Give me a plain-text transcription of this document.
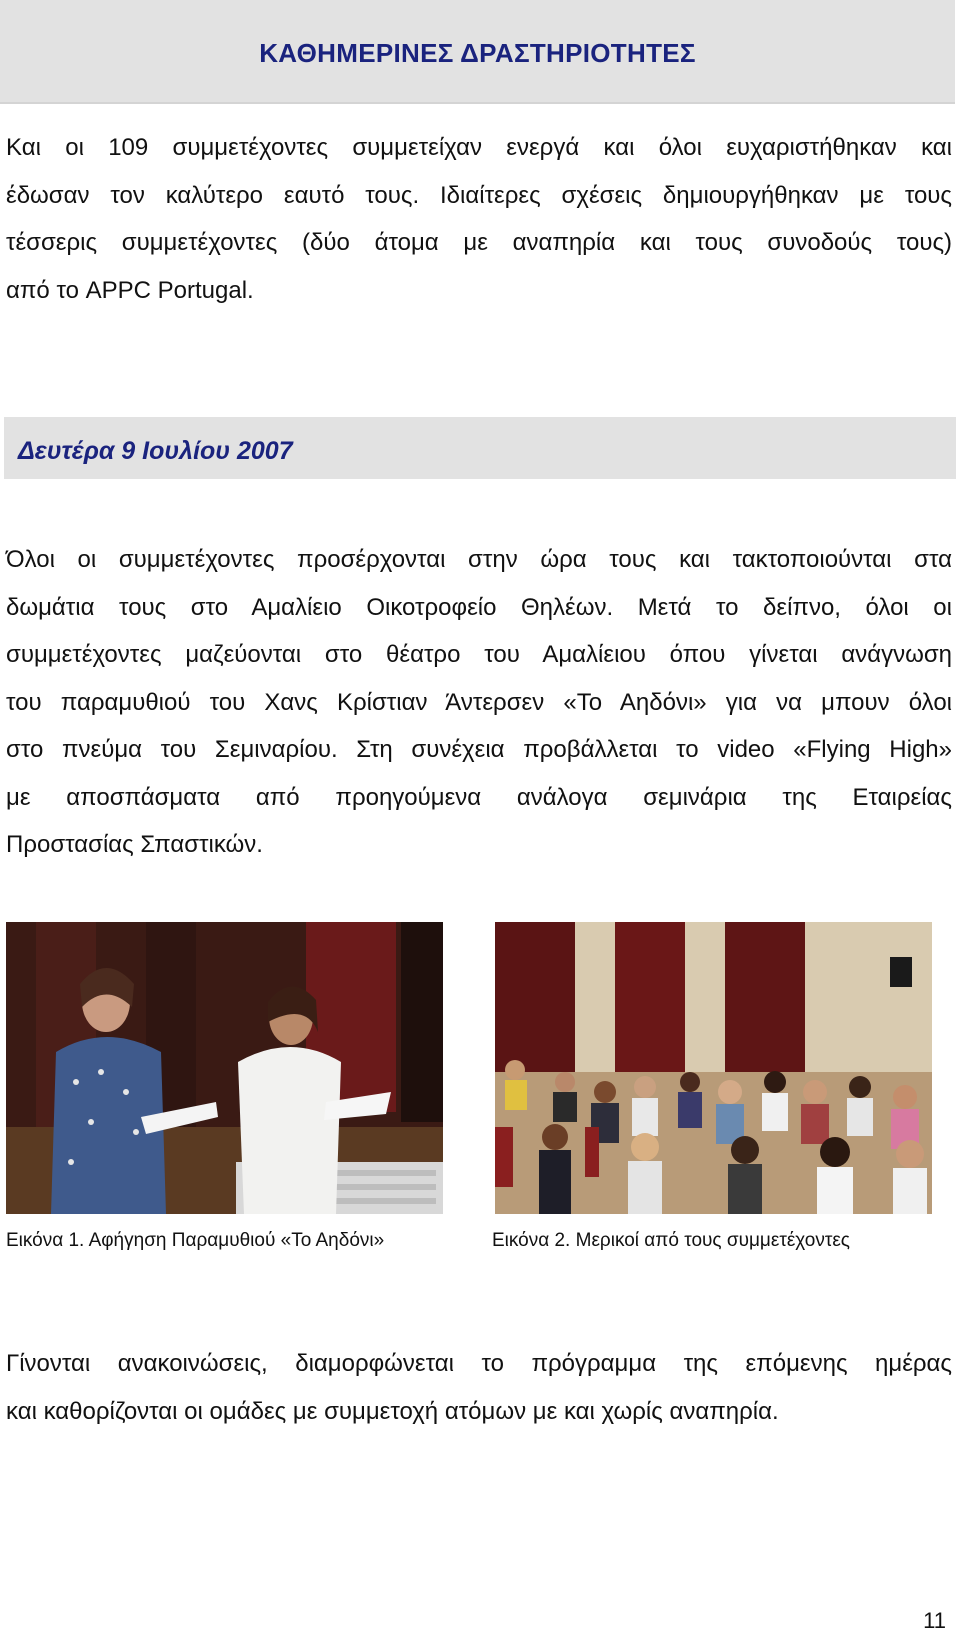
ΚΑΘΗΜΕΡΙΝΕΣ ΔΡΑΣΤΗΡΙΟΤΗΤΕΣ
Και οι 109 συμμετέχοντες συμμετείχαν ενεργά και όλοι ευχαριστήθηκαν και
έδωσαν τον καλύτερο εαυτό τους. Ιδιαίτερες σχέσεις δημιουργήθηκαν με τους
τέσσερις συμμετέχοντες (δύο άτομα με αναπηρία και τους συνοδούς τους)
από το APPC Portugal.
Δευτέρα 9 Ιουλίου 2007
Όλοι οι συμμετέχοντες προσέρχονται στην ώρα τους και τακτοποιούνται στα
δωμάτια τους στο Αμαλίειο Οικοτροφείο Θηλέων. Μετά το δείπνο, όλοι οι
συμμετέχοντες μαζεύονται στο θέατρο του Αμαλίειου όπου γίνεται ανάγνωση
του παραμυθιού του Χανς Κρίστιαν Άντερσεν «Το Αηδόνι» για να μπουν όλοι
στο πνεύμα του Σεμιναρίου. Στη συνέχεια προβάλλεται το video «Flying High»
με αποσπάσματα από προηγούμενα ανάλογα σεμινάρια της Εταιρείας
Προστασίας Σπαστικών.
Εικόνα 1. Αφήγηση Παραμυθιού «Το Αηδόνι»	Εικόνα 2. Μερικοί από τους συμμετέχοντες
Γίνονται ανακοινώσεις, διαμορφώνεται το πρόγραμμα της επόμενης ημέρας
και καθορίζονται οι ομάδες με συμμετοχή ατόμων με και χωρίς αναπηρία.
11
